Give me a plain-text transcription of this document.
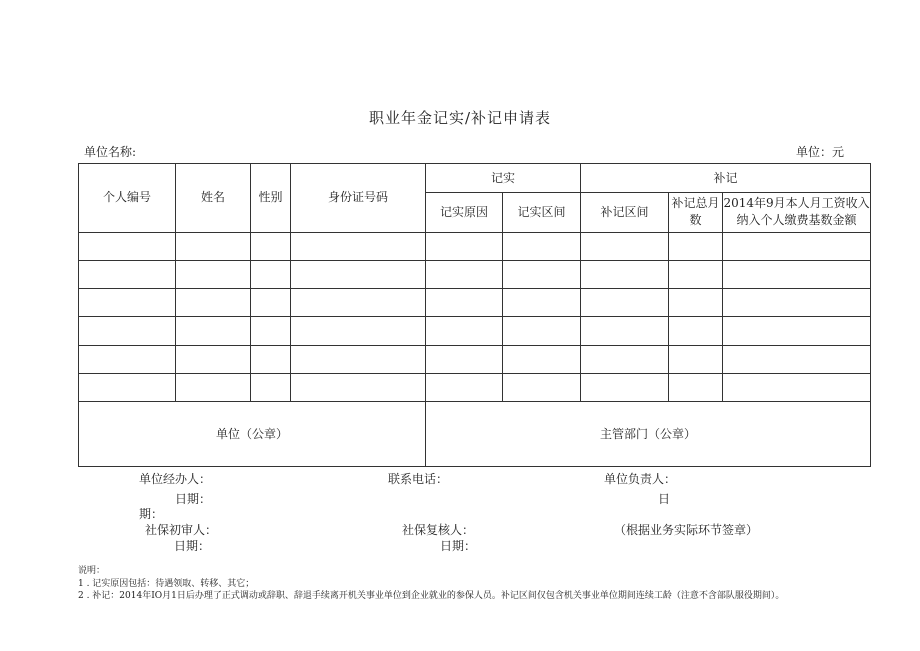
职业年金记实/补记申请表
单位名称:	单位：元
个人编号	姓名	性别	身份证号码	记实		补记		
				记实原因	记实区间	补记区间	补记总月数	2014年9月本人月工资收入纳入个人缴费基数金额

单位（公章）				主管部门（公章）				
单位经办人：	联系电话：	单位负责人：
日期：	日
期：
社保初审人：	社保复核人：	（根据业务实际环节签章）
日期：	日期：
说明：
1 . 记实原因包括：待遇领取、转移、其它；
2 . 补记：2014年IO月1日后办理了正式调动或辞职、辞退手续离开机关事业单位到企业就业的参保人员。补记区间仅包含机关事业单位期间连续工龄（注意不含部队服役期间）。
